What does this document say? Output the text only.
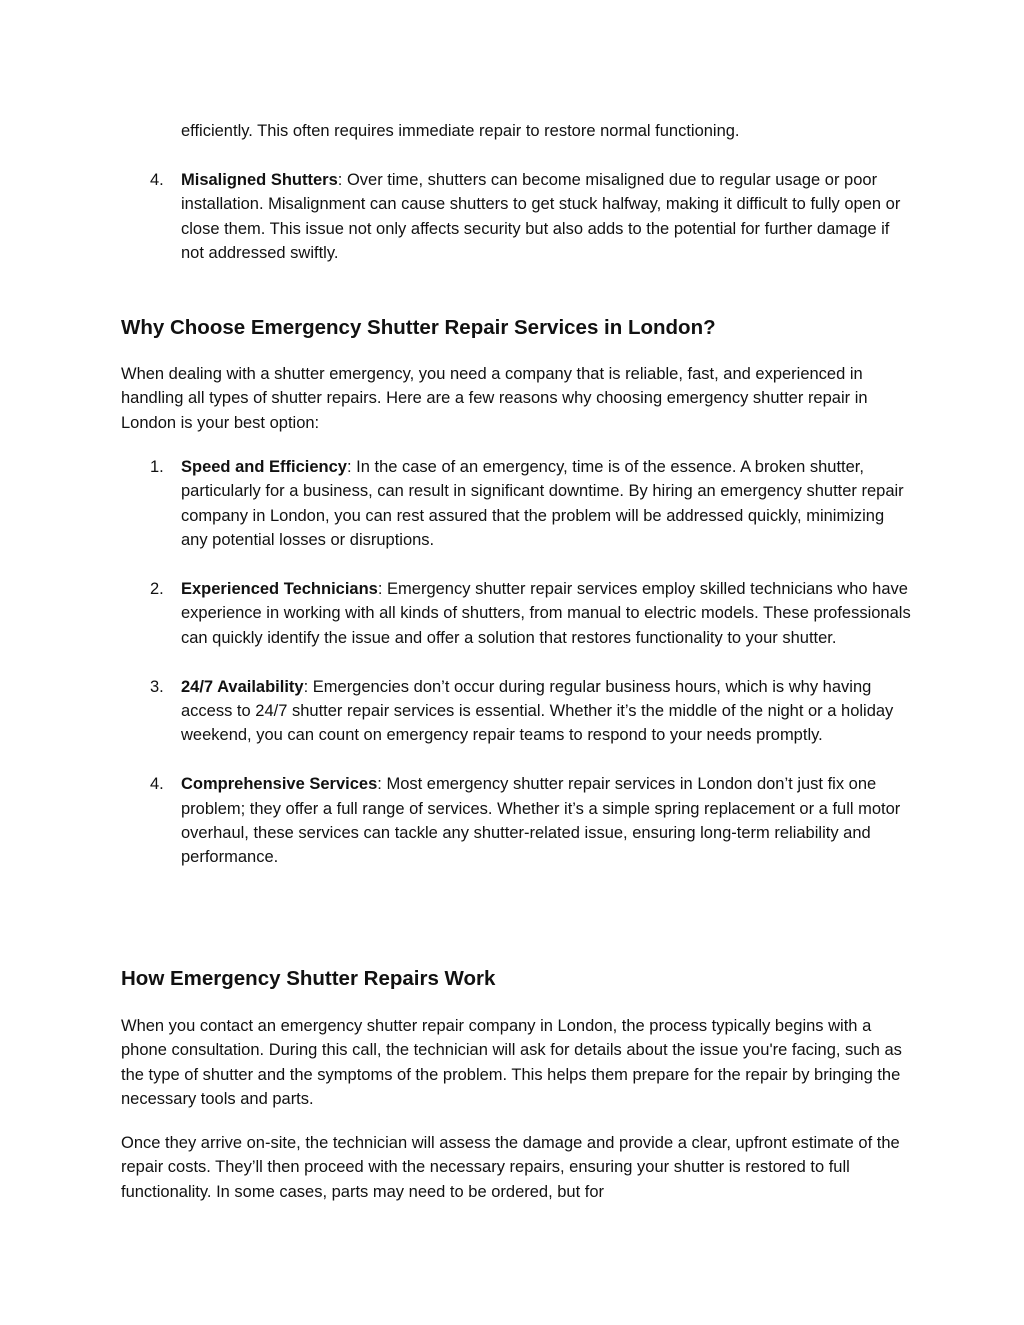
efficiently. This often requires immediate repair to restore normal functioning.

4. Misaligned Shutters: Over time, shutters can become misaligned due to regular usage or poor installation. Misalignment can cause shutters to get stuck halfway, making it difficult to fully open or close them. This issue not only affects security but also adds to the potential for further damage if not addressed swiftly.
Why Choose Emergency Shutter Repair Services in London?

When dealing with a shutter emergency, you need a company that is reliable, fast, and experienced in handling all types of shutter repairs. Here are a few reasons why choosing emergency shutter repair in London is your best option:

1. Speed and Efficiency: In the case of an emergency, time is of the essence. A broken shutter, particularly for a business, can result in significant downtime. By hiring an emergency shutter repair company in London, you can rest assured that the problem will be addressed quickly, minimizing any potential losses or disruptions.
2. Experienced Technicians: Emergency shutter repair services employ skilled technicians who have experience in working with all kinds of shutters, from manual to electric models. These professionals can quickly identify the issue and offer a solution that restores functionality to your shutter.
3. 24/7 Availability: Emergencies don’t occur during regular business hours, which is why having access to 24/7 shutter repair services is essential. Whether it’s the middle of the night or a holiday weekend, you can count on emergency repair teams to respond to your needs promptly.
4. Comprehensive Services: Most emergency shutter repair services in London don’t just fix one problem; they offer a full range of services. Whether it’s a simple spring replacement or a full motor overhaul, these services can tackle any shutter-related issue, ensuring long-term reliability and performance.
How Emergency Shutter Repairs Work

When you contact an emergency shutter repair company in London, the process typically begins with a phone consultation. During this call, the technician will ask for details about the issue you're facing, such as the type of shutter and the symptoms of the problem. This helps them prepare for the repair by bringing the necessary tools and parts.

Once they arrive on-site, the technician will assess the damage and provide a clear, upfront estimate of the repair costs. They’ll then proceed with the necessary repairs, ensuring your shutter is restored to full functionality. In some cases, parts may need to be ordered, but for
